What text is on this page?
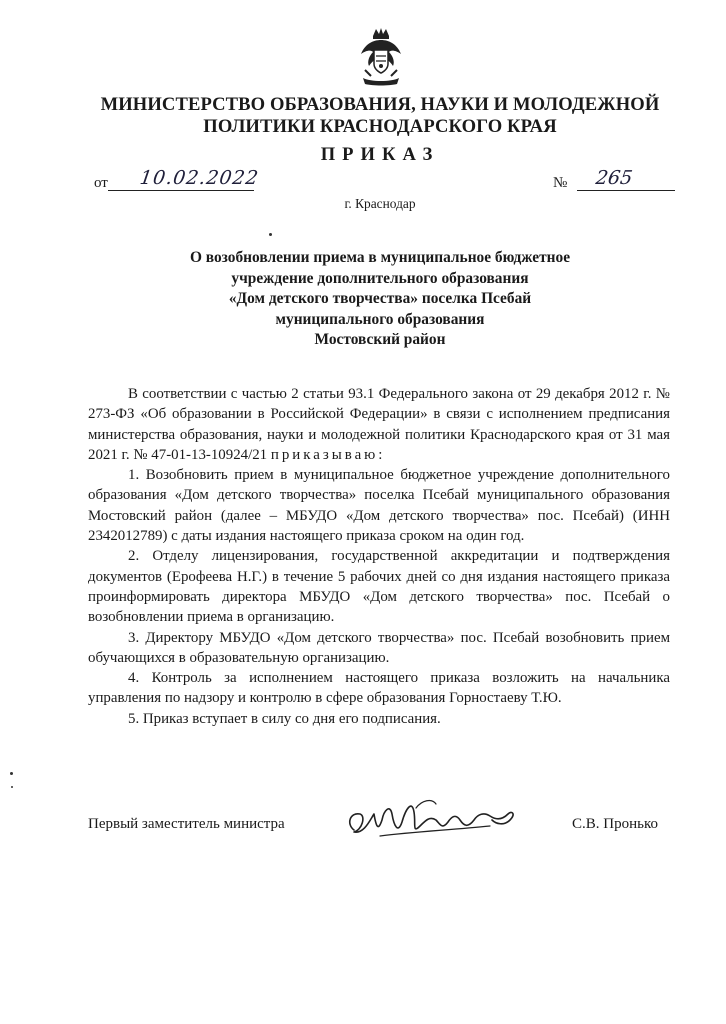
МИНИСТЕРСТВО ОБРАЗОВАНИЯ, НАУКИ И МОЛОДЕЖНОЙ
ПОЛИТИКИ КРАСНОДАРСКОГО КРАЯ
ПРИКАЗ
от 10.02.2022	№ 265
г. Краснодар
О возобновлении приема в муниципальное бюджетное
учреждение дополнительного образования
«Дом детского творчества» поселка Псебай
муниципального образования
Мостовский район

В соответствии с частью 2 статьи 93.1 Федерального закона от 29 декабря 2012 г. № 273-ФЗ «Об образовании в Российской Федерации» в связи с исполнением предписания министерства образования, науки и молодежной политики Краснодарского края от 31 мая 2021 г. № 47-01-13-10924/21 приказываю:

1. Возобновить прием в муниципальное бюджетное учреждение дополнительного образования «Дом детского творчества» поселка Псебай муниципального образования Мостовский район (далее – МБУДО «Дом детского творчества» пос. Псебай) (ИНН 2342012789) с даты издания настоящего приказа сроком на один год.

2. Отделу лицензирования, государственной аккредитации и подтверждения документов (Ерофеева Н.Г.) в течение 5 рабочих дней со дня издания настоящего приказа проинформировать директора МБУДО «Дом детского творчества» пос. Псебай о возобновлении приема в организацию.

3. Директору МБУДО «Дом детского творчества» пос. Псебай возобновить прием обучающихся в образовательную организацию.

4. Контроль за исполнением настоящего приказа возложить на начальника управления по надзору и контролю в сфере образования Горностаеву Т.Ю.

5. Приказ вступает в силу со дня его подписания.

Первый заместитель министра	С.В. Пронько
